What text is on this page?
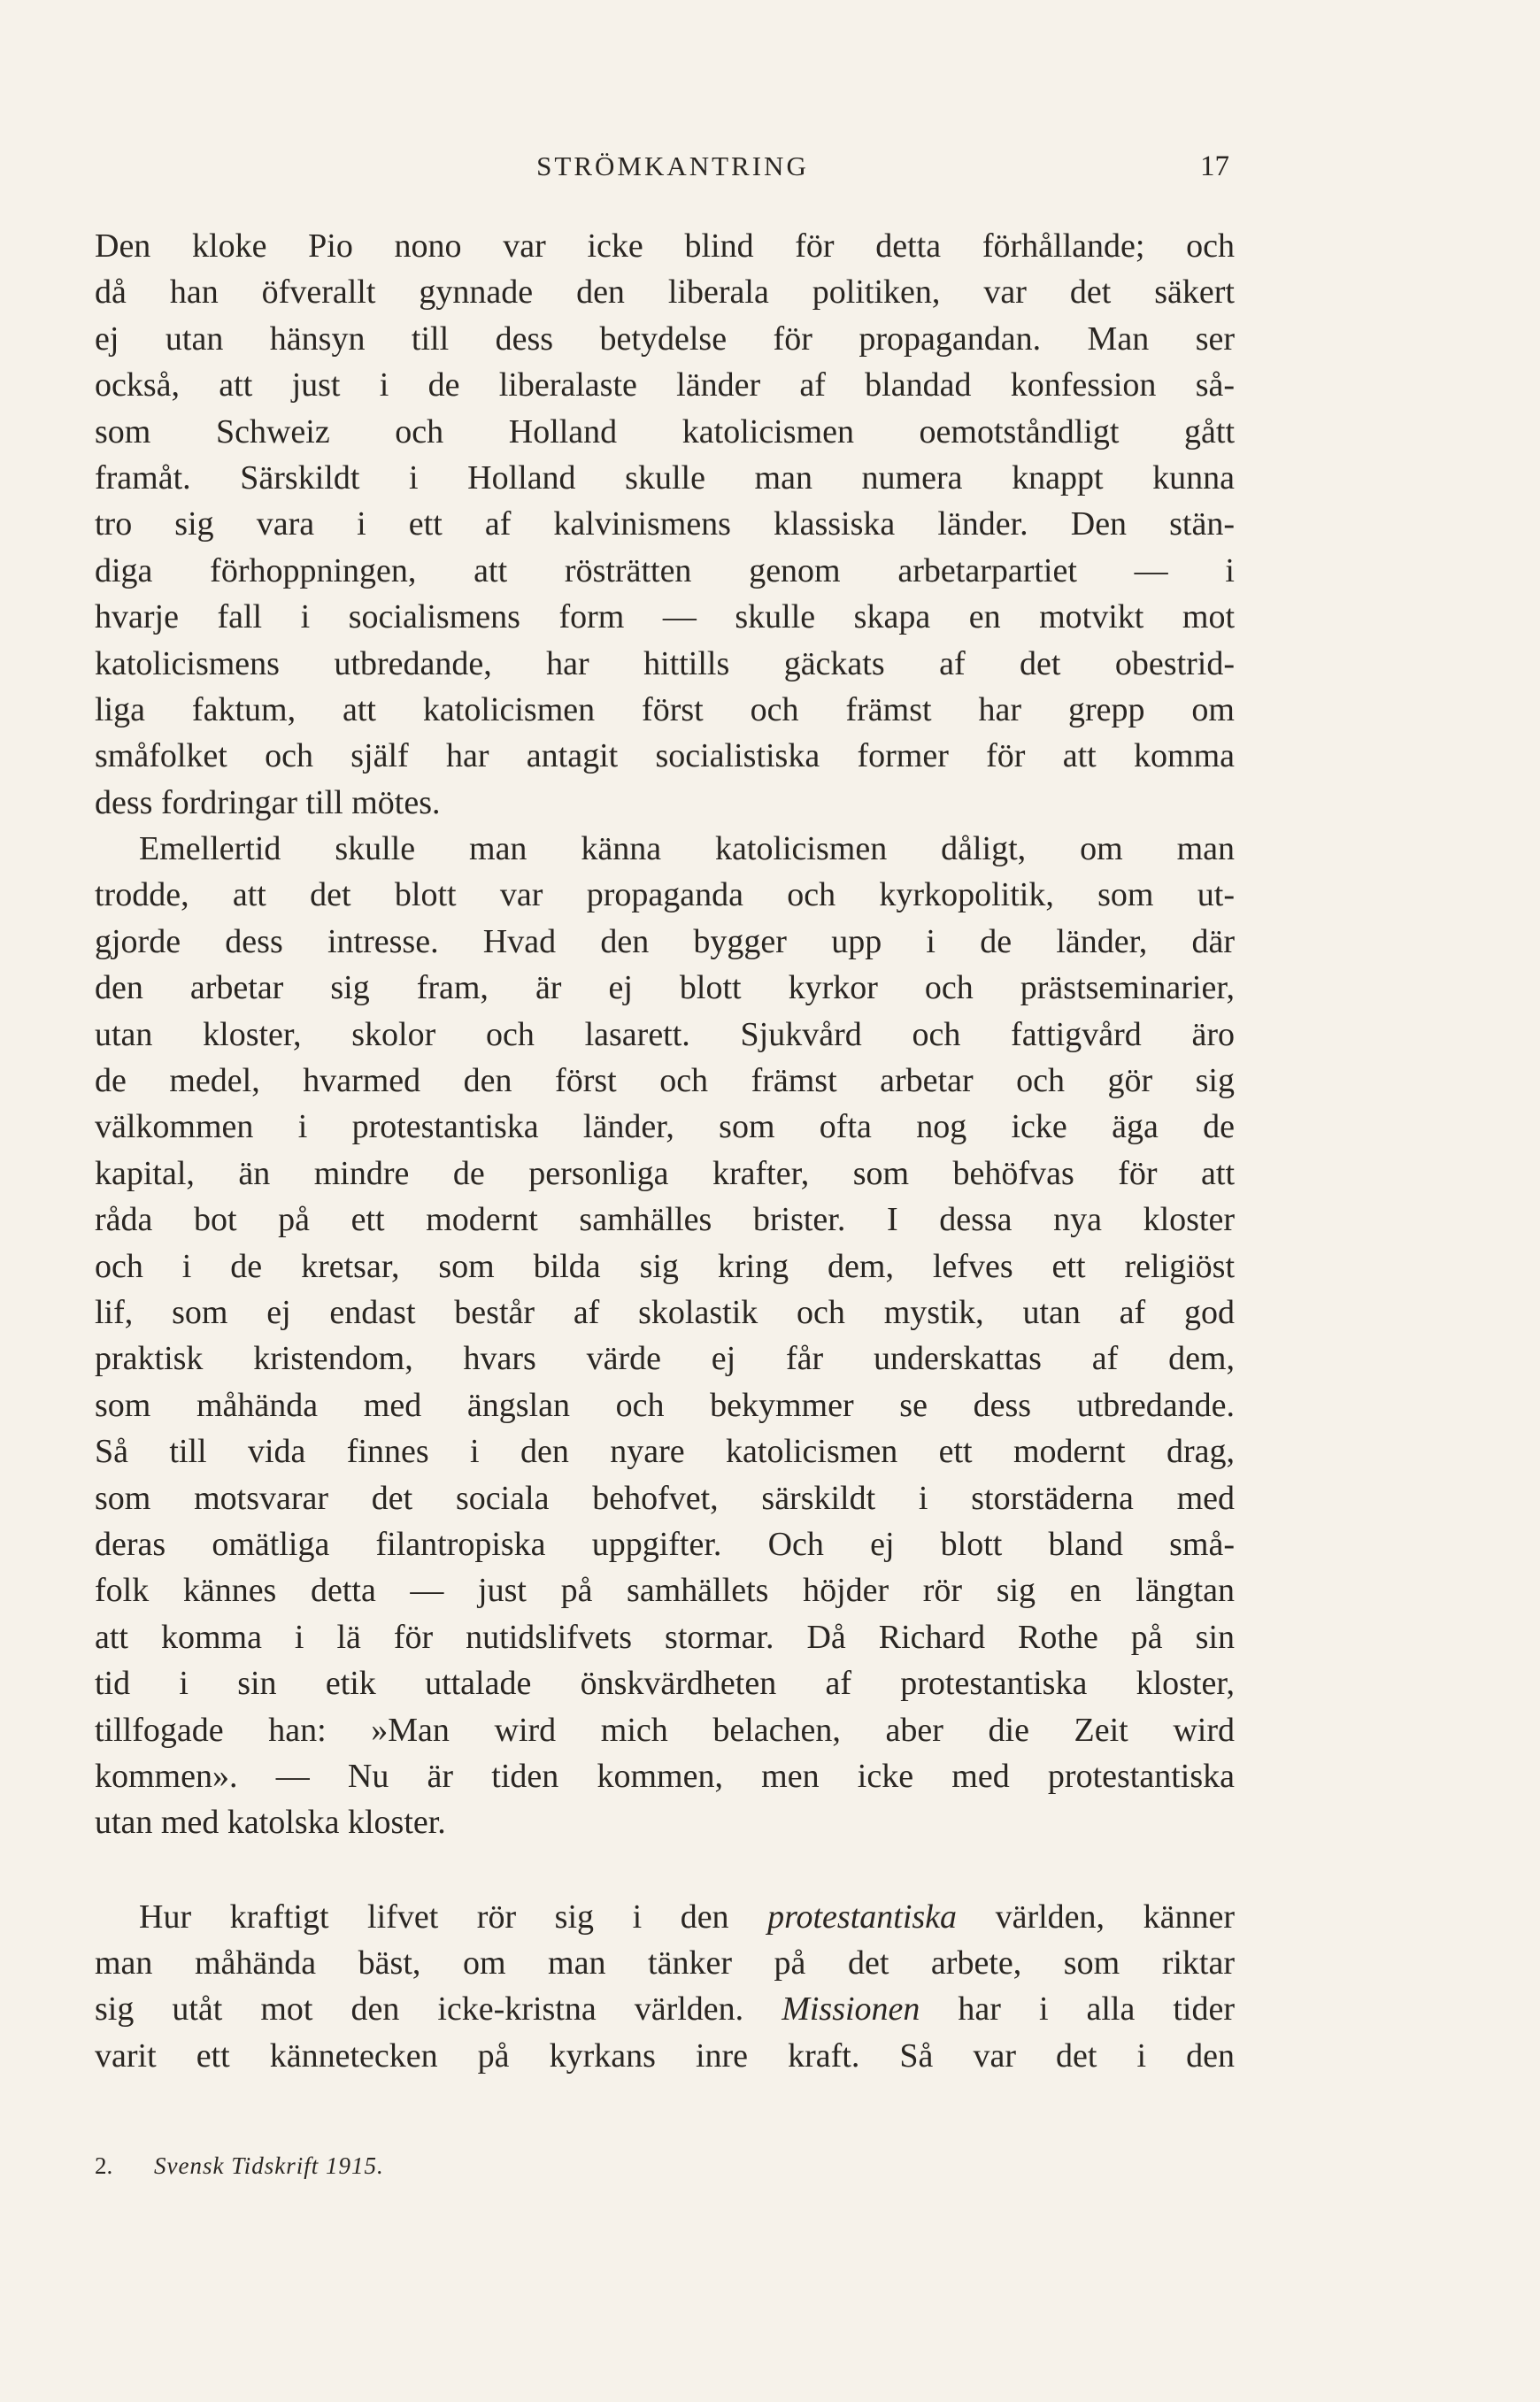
STRÖMKANTRING	17
Den kloke Pio nono var icke blind för detta förhållande; och
då han öfverallt gynnade den liberala politiken, var det säkert
ej utan hänsyn till dess betydelse för propagandan. Man ser
också, att just i de liberalaste länder af blandad konfession så-
som Schweiz och Holland katolicismen oemotståndligt gått
framåt. Särskildt i Holland skulle man numera knappt kunna
tro sig vara i ett af kalvinismens klassiska länder. Den stän-
diga förhoppningen, att rösträtten genom arbetarpartiet — i
hvarje fall i socialismens form — skulle skapa en motvikt mot
katolicismens utbredande, har hittills gäckats af det obestrid-
liga faktum, att katolicismen först och främst har grepp om
småfolket och själf har antagit socialistiska former för att komma
dess fordringar till mötes.
Emellertid skulle man känna katolicismen dåligt, om man
trodde, att det blott var propaganda och kyrkopolitik, som ut-
gjorde dess intresse. Hvad den bygger upp i de länder, där
den arbetar sig fram, är ej blott kyrkor och prästseminarier,
utan kloster, skolor och lasarett. Sjukvård och fattigvård äro
de medel, hvarmed den först och främst arbetar och gör sig
välkommen i protestantiska länder, som ofta nog icke äga de
kapital, än mindre de personliga krafter, som behöfvas för att
råda bot på ett modernt samhälles brister. I dessa nya kloster
och i de kretsar, som bilda sig kring dem, lefves ett religiöst
lif, som ej endast består af skolastik och mystik, utan af god
praktisk kristendom, hvars värde ej får underskattas af dem,
som måhända med ängslan och bekymmer se dess utbredande.
Så till vida finnes i den nyare katolicismen ett modernt drag,
som motsvarar det sociala behofvet, särskildt i storstäderna med
deras omätliga filantropiska uppgifter. Och ej blott bland små-
folk kännes detta — just på samhällets höjder rör sig en längtan
att komma i lä för nutidslifvets stormar. Då Richard Rothe på sin
tid i sin etik uttalade önskvärdheten af protestantiska kloster,
tillfogade han: »Man wird mich belachen, aber die Zeit wird
kommen». — Nu är tiden kommen, men icke med protestantiska
utan med katolska kloster.
Hur kraftigt lifvet rör sig i den protestantiska världen, känner
man måhända bäst, om man tänker på det arbete, som riktar
sig utåt mot den icke-kristna världen. Missionen har i alla tider
varit ett kännetecken på kyrkans inre kraft. Så var det i den
2. Svensk Tidskrift 1915.
